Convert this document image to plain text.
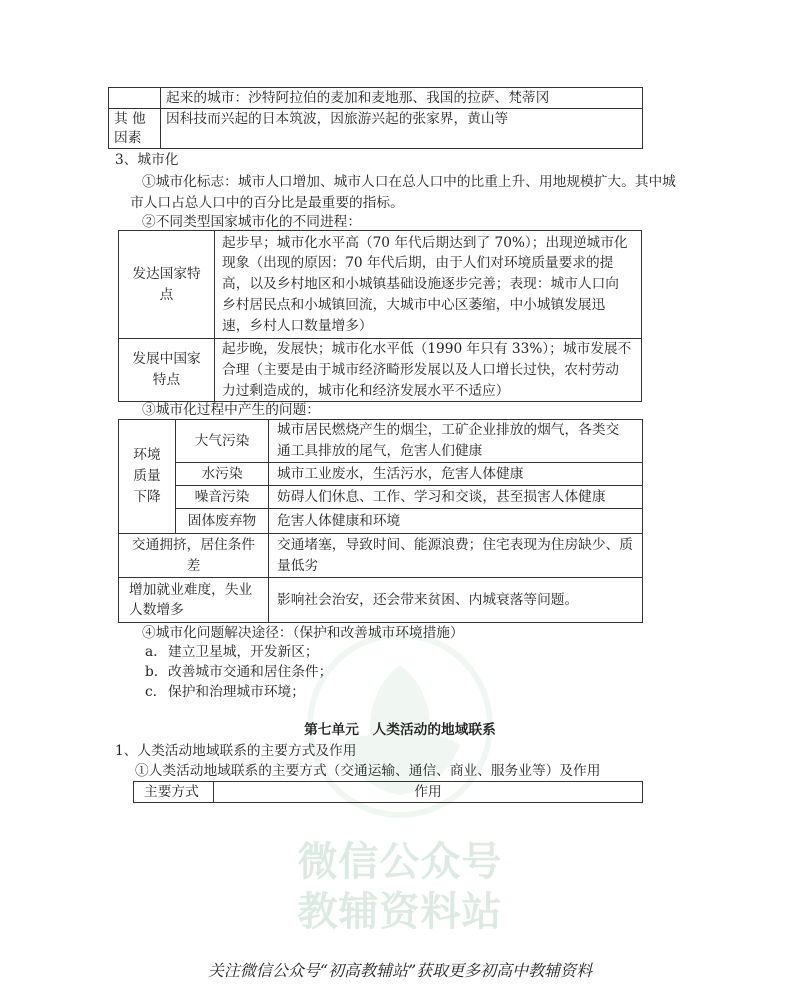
微信公众号
教辅资料站
	起来的城市：沙特阿拉伯的麦加和麦地那、我国的拉萨、梵蒂冈
其 他
因素	因科技而兴起的日本筑波，因旅游兴起的张家界，黄山等
3、城市化
①城市化标志：城市人口增加、城市人口在总人口中的比重上升、用地规模扩大。其中城
市人口占总人口中的百分比是最重要的指标。
②不同类型国家城市化的不同进程：
发达国家特
点	起步早；城市化水平高（70 年代后期达到了 70%）；出现逆城市化
现象（出现的原因：70 年代后期，由于人们对环境质量要求的提
高，以及乡村地区和小城镇基础设施逐步完善；表现：城市人口向
乡村居民点和小城镇回流，大城市中心区萎缩，中小城镇发展迅
速，乡村人口数量增多）
发展中国家
特点	起步晚，发展快；城市化水平低（1990 年只有 33%）；城市发展不
合理（主要是由于城市经济畸形发展以及人口增长过快，农村劳动
力过剩造成的，城市化和经济发展水平不适应）
③城市化过程中产生的问题：
环境
质量
下降	大气污染	城市居民燃烧产生的烟尘，工矿企业排放的烟气，各类交
通工具排放的尾气，危害人们健康
	水污染	城市工业废水，生活污水，危害人体健康
	噪音污染	妨碍人们休息、工作、学习和交谈，甚至损害人体健康
	固体废弃物	危害人体健康和环境
交通拥挤，居住条件
差		交通堵塞，导致时间、能源浪费；住宅表现为住房缺少、质
量低劣
增加就业难度，失业
人数增多		影响社会治安，还会带来贫困、内城衰落等问题。
④城市化问题解决途径：（保护和改善城市环境措施）
a. 建立卫星城，开发新区；
b. 改善城市交通和居住条件；
c. 保护和治理城市环境；
第七单元　人类活动的地域联系
1、人类活动地域联系的主要方式及作用
①人类活动地域联系的主要方式（交通运输、通信、商业、服务业等）及作用
主要方式	作用
关注微信公众号“初高教辅站”获取更多初高中教辅资料
